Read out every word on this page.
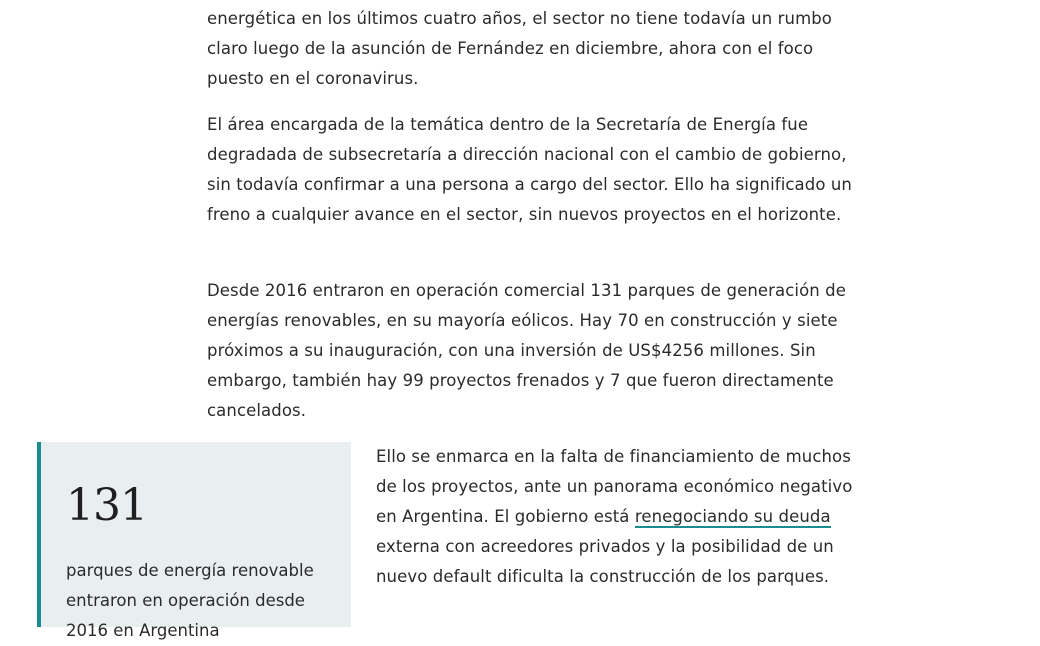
energética en los últimos cuatro años, el sector no tiene todavía un rumbo claro luego de la asunción de Fernández en diciembre, ahora con el foco puesto en el coronavirus.

El área encargada de la temática dentro de la Secretaría de Energía fue degradada de subsecretaría a dirección nacional con el cambio de gobierno, sin todavía confirmar a una persona a cargo del sector. Ello ha significado un freno a cualquier avance en el sector, sin nuevos proyectos en el horizonte.

Desde 2016 entraron en operación comercial 131 parques de generación de energías renovables, en su mayoría eólicos. Hay 70 en construcción y siete próximos a su inauguración, con una inversión de US$4256 millones. Sin embargo, también hay 99 proyectos frenados y 7 que fueron directamente cancelados.

131

parques de energía renovable entraron en operación desde 2016 en Argentina

Ello se enmarca en la falta de financiamiento de muchos de los proyectos, ante un panorama económico negativo en Argentina. El gobierno está renegociando su deuda externa con acreedores privados y la posibilidad de un nuevo default dificulta la construcción de los parques.
